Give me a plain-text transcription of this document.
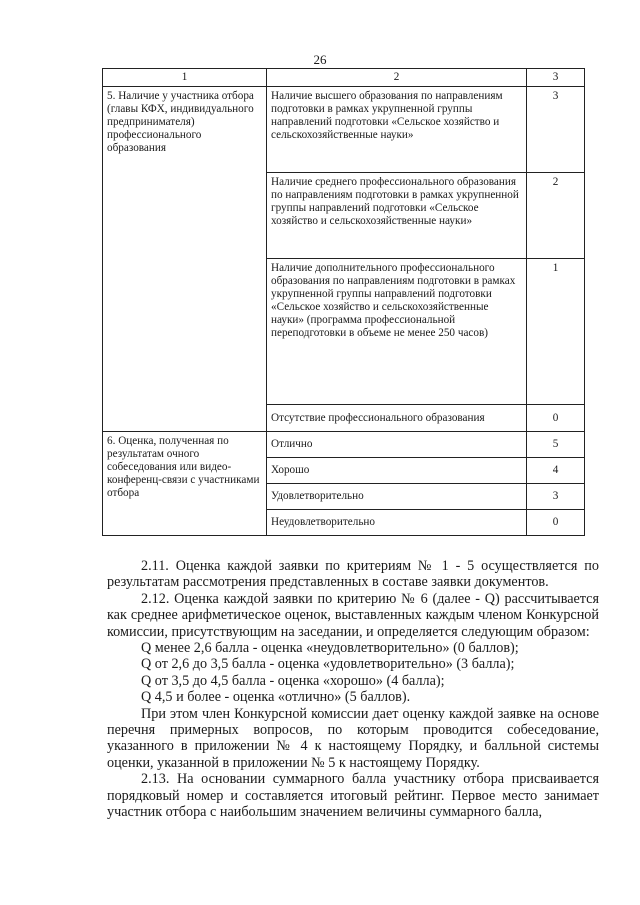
26
1	2	3
5. Наличие у участника отбора (главы КФХ, индивидуального предпринимателя) профессионального образования	Наличие высшего образования по направлениям подготовки в рамках укрупненной группы направлений подготовки «Сельское хозяйство и сельскохозяйственные науки»	3
	Наличие среднего профессионального образования по направлениям подготовки в рамках укрупненной группы направлений подготовки «Сельское хозяйство и сельскохозяйственные науки»	2
	Наличие дополнительного профессионального образования по направлениям подготовки в рамках укрупненной группы направлений подготовки «Сельское хозяйство и сельскохозяйственные науки» (программа профессиональной переподготовки в объеме не менее 250 часов)	1
	Отсутствие профессионального образования	0
6. Оценка, полученная по результатам очного собеседования или видео-конференц-связи с участниками отбора	Отлично	5
	Хорошо	4
	Удовлетворительно	3
	Неудовлетворительно	0

2.11. Оценка каждой заявки по критериям № 1 - 5 осуществляется по результатам рассмотрения представленных в составе заявки документов.

2.12. Оценка каждой заявки по критерию № 6 (далее - Q) рассчитывается как среднее арифметическое оценок, выставленных каждым членом Конкурсной комиссии, присутствующим на заседании, и определяется следующим образом:

Q менее 2,6 балла - оценка «неудовлетворительно» (0 баллов);

Q от 2,6 до 3,5 балла - оценка «удовлетворительно» (3 балла);

Q от 3,5 до 4,5 балла - оценка «хорошо» (4 балла);

Q 4,5 и более - оценка «отлично» (5 баллов).

При этом член Конкурсной комиссии дает оценку каждой заявке на основе перечня примерных вопросов, по которым проводится собеседование, указанного в приложении № 4 к настоящему Порядку, и балльной системы оценки, указанной в приложении № 5 к настоящему Порядку.

2.13. На основании суммарного балла участнику отбора присваивается порядковый номер и составляется итоговый рейтинг. Первое место занимает участник отбора с наибольшим значением величины суммарного балла,
